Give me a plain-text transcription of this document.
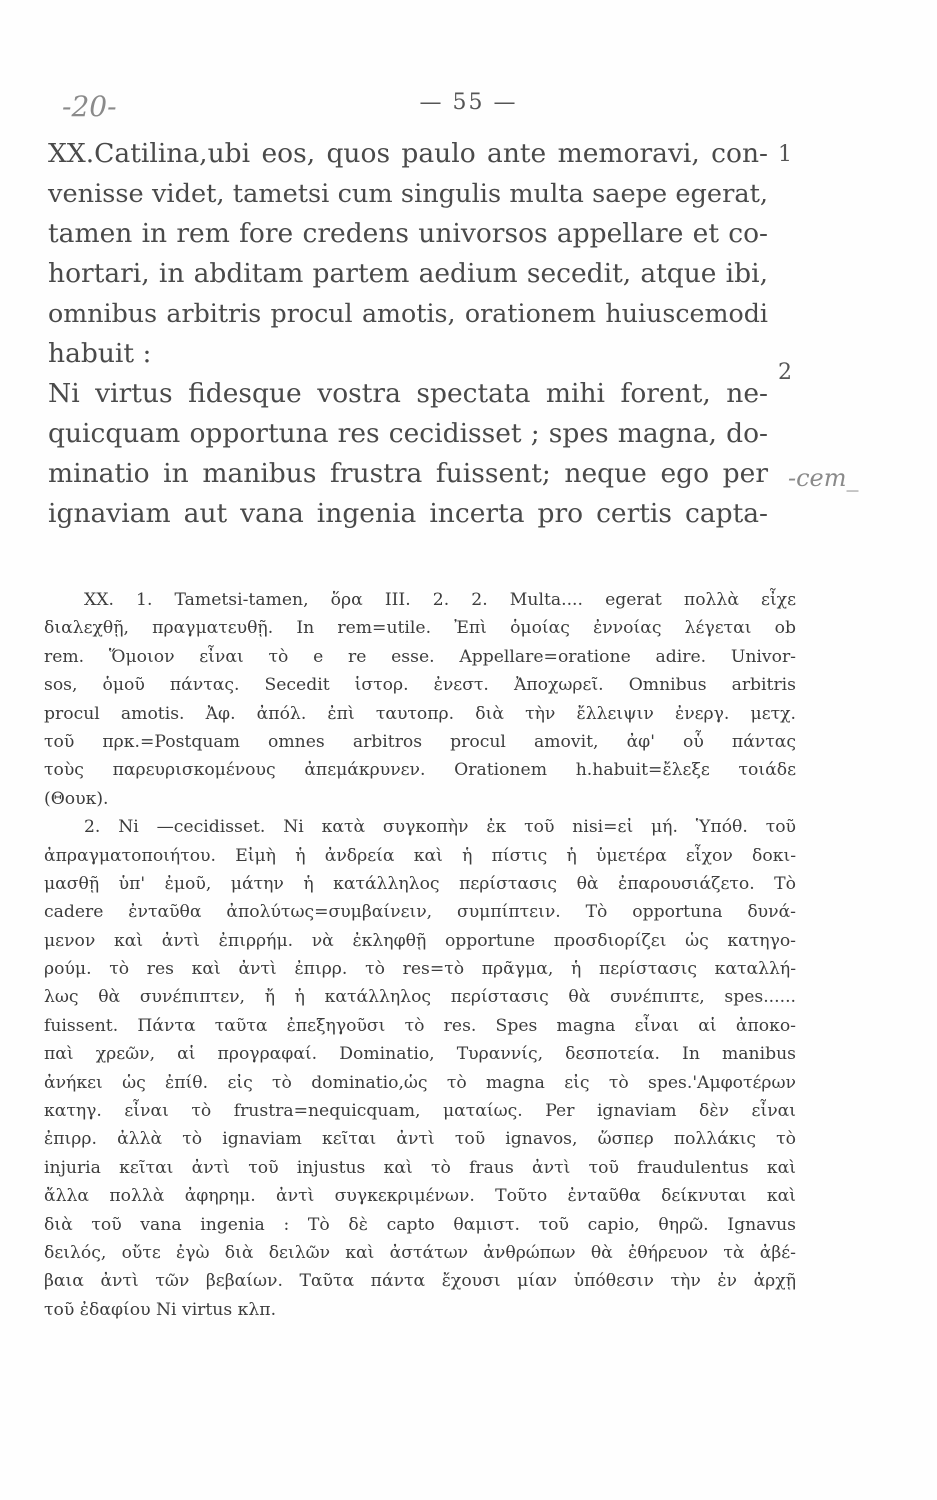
-20-	— 55 —
-cem_
1
2
XX.Catilina,ubi eos, quos paulo ante memoravi, con-
venisse videt, tametsi cum singulis multa saepe egerat,
tamen in rem fore credens univorsos appellare et co-
hortari, in abditam partem aedium secedit, atque ibi,
omnibus arbitris procul amotis, orationem huiuscemodi
habuit :
Ni virtus fidesque vostra spectata mihi forent, ne-
quicquam opportuna res cecidisset ; spes magna, do-
minatio in manibus frustra fuissent; neque ego per
ignaviam aut vana ingenia incerta pro certis capta-
XX. 1. Tametsi-tamen, ὅρα III. 2. 2. Multa.... egerat πολλὰ εἶχε
διαλεχθῇ, πραγματευθῇ. In rem=utile. Ἐπὶ ὁμοίας ἐννοίας λέγεται ob
rem. Ὅμοιον εἶναι τὸ e re esse. Appellare=oratione adire. Univor-
sos, ὁμοῦ πάντας. Secedit ἱστορ. ἐνεστ. Ἀποχωρεῖ. Omnibus arbitris
procul amotis. Ἀφ. ἀπόλ. ἐπὶ ταυτοπρ. διὰ τὴν ἔλλειψιν ἐνεργ. μετχ.
τοῦ πρκ.=Postquam omnes arbitros procul amovit, ἀφ' οὗ πάντας
τοὺς παρευρισκομένους ἀπεμάκρυνεν. Orationem h.habuit=ἔλεξε τοιάδε
(Θουκ).
2. Ni —cecidisset. Ni κατὰ συγκοπὴν ἐκ τοῦ nisi=εἰ μή. Ὑπόθ. τοῦ
ἀπραγματοποιήτου. Εἰμὴ ἡ ἀνδρεία καὶ ἡ πίστις ἡ ὑμετέρα εἶχον δοκι-
μασθῇ ὑπ' ἐμοῦ, μάτην ἡ κατάλληλος περίστασις θὰ ἐπαρουσιάζετο. Τὸ
cadere ἐνταῦθα ἀπολύτως=συμβαίνειν, συμπίπτειν. Τὸ opportuna δυνά-
μενον καὶ ἀντὶ ἐπιρρήμ. νὰ ἐκληφθῇ opportune προσδιορίζει ὡς κατηγο-
ρούμ. τὸ res καὶ ἀντὶ ἐπιρρ. τὸ res=τὸ πρᾶγμα, ἡ περίστασις καταλλή-
λως θὰ συνέπιπτεν, ἤ ἡ κατάλληλος περίστασις θὰ συνέπιπτε, spes......
fuissent. Πάντα ταῦτα ἐπεξηγοῦσι τὸ res. Spes magna εἶναι αἱ ἀποκο-
παὶ χρεῶν, αἱ προγραφαί. Dominatio, Τυραννίς, δεσποτεία. In manibus
ἀνήκει ὡς ἐπίθ. εἰς τὸ dominatio,ὡς τὸ magna εἰς τὸ spes.'Αμφοτέρων
κατηγ. εἶναι τὸ frustra=nequicquam, ματαίως. Per ignaviam δὲν εἶναι
ἐπιρρ. ἀλλὰ τὸ ignaviam κεῖται ἀντὶ τοῦ ignavos, ὥσπερ πολλάκις τὸ
injuria κεῖται ἀντὶ τοῦ injustus καὶ τὸ fraus ἀντὶ τοῦ fraudulentus καὶ
ἄλλα πολλὰ ἀφηρημ. ἀντὶ συγκεκριμένων. Τοῦτο ἐνταῦθα δείκνυται καὶ
διὰ τοῦ vana ingenia : Τὸ δὲ capto θαμιστ. τοῦ capio, θηρῶ. Ignavus
δειλός, οὔτε ἐγὼ διὰ δειλῶν καὶ ἀστάτων ἀνθρώπων θὰ ἐθήρευον τὰ ἀβέ-
βαια ἀντὶ τῶν βεβαίων. Ταῦτα πάντα ἔχουσι μίαν ὑπόθεσιν τὴν ἐν ἀρχῇ
τοῦ ἐδαφίου Ni virtus κλπ.
